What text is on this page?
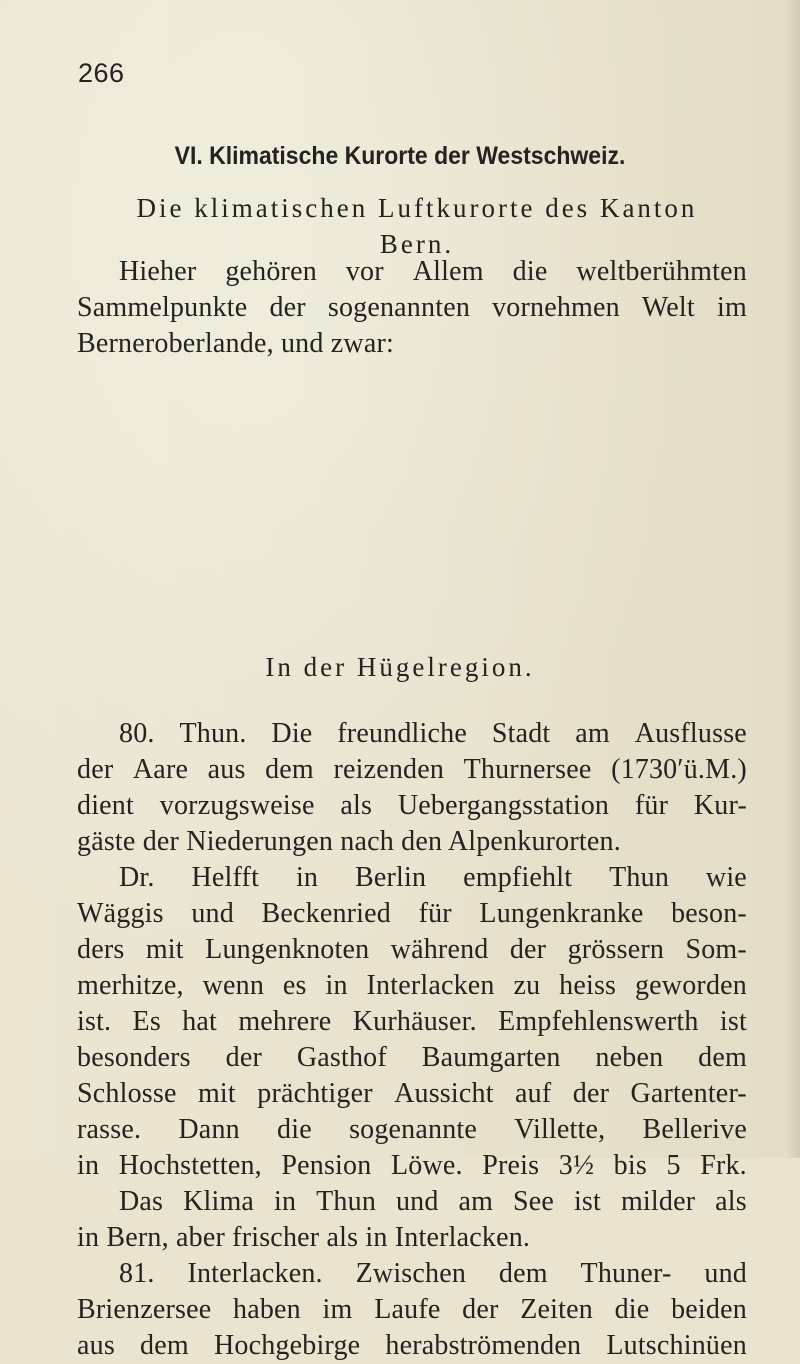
266
VI. Klimatische Kurorte der Westschweiz.
Die klimatischen Luftkurorte des Kanton
Bern.
Hieher gehören vor Allem die weltberühmten
Sammelpunkte der sogenannten vornehmen Welt im
Berneroberlande, und zwar:
In der Hügelregion.
80. Thun. Die freundliche Stadt am Ausflusse
der Aare aus dem reizenden Thurnersee (1730′ü.M.)
dient vorzugsweise als Uebergangsstation für Kur-
gäste der Niederungen nach den Alpenkurorten.
Dr. Helfft in Berlin empfiehlt Thun wie
Wäggis und Beckenried für Lungenkranke beson-
ders mit Lungenknoten während der grössern Som-
merhitze, wenn es in Interlacken zu heiss geworden
ist. Es hat mehrere Kurhäuser. Empfehlenswerth ist
besonders der Gasthof Baumgarten neben dem
Schlosse mit prächtiger Aussicht auf der Gartenter-
rasse. Dann die sogenannte Villette, Bellerive
in Hochstetten, Pension Löwe. Preis 3½ bis 5 Frk.
Das Klima in Thun und am See ist milder als
in Bern, aber frischer als in Interlacken.
81. Interlacken. Zwischen dem Thuner- und
Brienzersee haben im Laufe der Zeiten die beiden
aus dem Hochgebirge herabströmenden Lutschinüen
